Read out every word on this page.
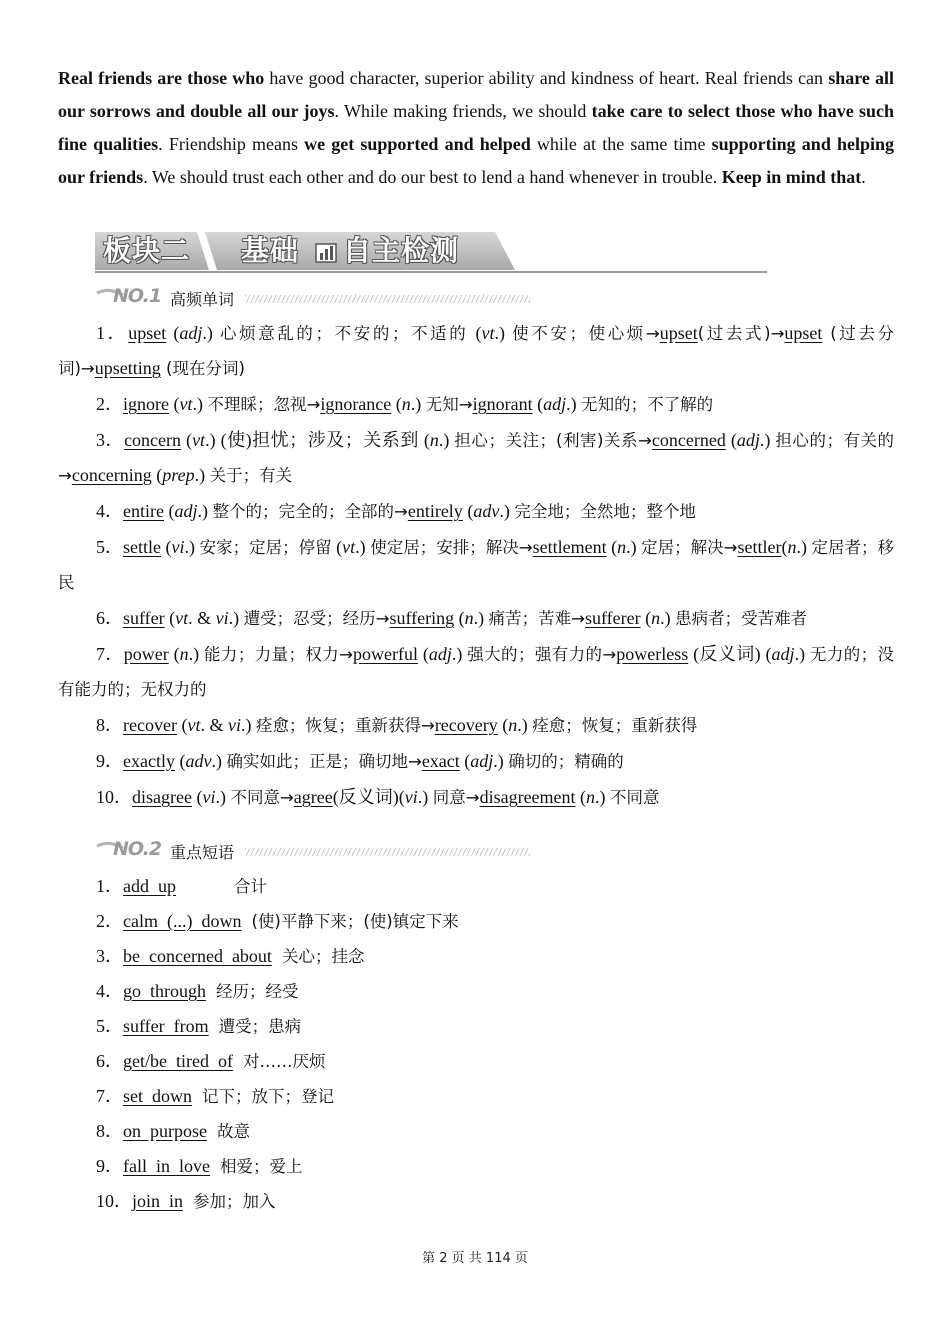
Real friends are those who have good character, superior ability and kindness of heart. Real friends can share all our sorrows and double all our joys. While making friends, we should take care to select those who have such fine qualities. Friendship means we get supported and helped while at the same time supporting and helping our friends. We should trust each other and do our best to lend a hand whenever in trouble. Keep in mind that.
板块二 基础 自主检测
NO.1 高频单词
1．upset (adj.) 心烦意乱的；不安的；不适的 (vt.) 使不安；使心烦→upset(过去式)→upset (过去分词)→upsetting (现在分词)
2．ignore (vt.) 不理睬；忽视→ignorance (n.) 无知→ignorant (adj.) 无知的；不了解的
3．concern (vt.) (使)担忧；涉及；关系到 (n.) 担心；关注；(利害)关系→concerned (adj.) 担心的；有关的→concerning (prep.) 关于；有关
4．entire (adj.) 整个的；完全的；全部的→entirely (adv.) 完全地；全然地；整个地
5．settle (vi.) 安家；定居；停留 (vt.) 使定居；安排；解决→settlement (n.) 定居；解决→settler(n.) 定居者；移民
6．suffer (vt. & vi.) 遭受；忍受；经历→suffering (n.) 痛苦；苦难→sufferer (n.) 患病者；受苦难者
7．power (n.) 能力；力量；权力→powerful (adj.) 强大的；强有力的→powerless (反义词) (adj.) 无力的；没有能力的；无权力的
8．recover (vt. & vi.) 痊愈；恢复；重新获得→recovery (n.) 痊愈；恢复；重新获得
9．exactly (adv.) 确实如此；正是；确切地→exact (adj.) 确切的；精确的
10．disagree (vi.) 不同意→agree(反义词)(vi.) 同意→disagreement (n.) 不同意
NO.2 重点短语
1．add  up	合计
2．calm  (...)  down (使)平静下来；(使)镇定下来
3．be  concerned  about 关心；挂念
4．go  through 经历；经受
5．suffer  from 遭受；患病
6．get/be  tired  of 对……厌烦
7．set  down 记下；放下；登记
8．on  purpose 故意
9．fall  in  love 相爱；爱上
10．join  in 参加；加入
第 2 页 共 114 页
